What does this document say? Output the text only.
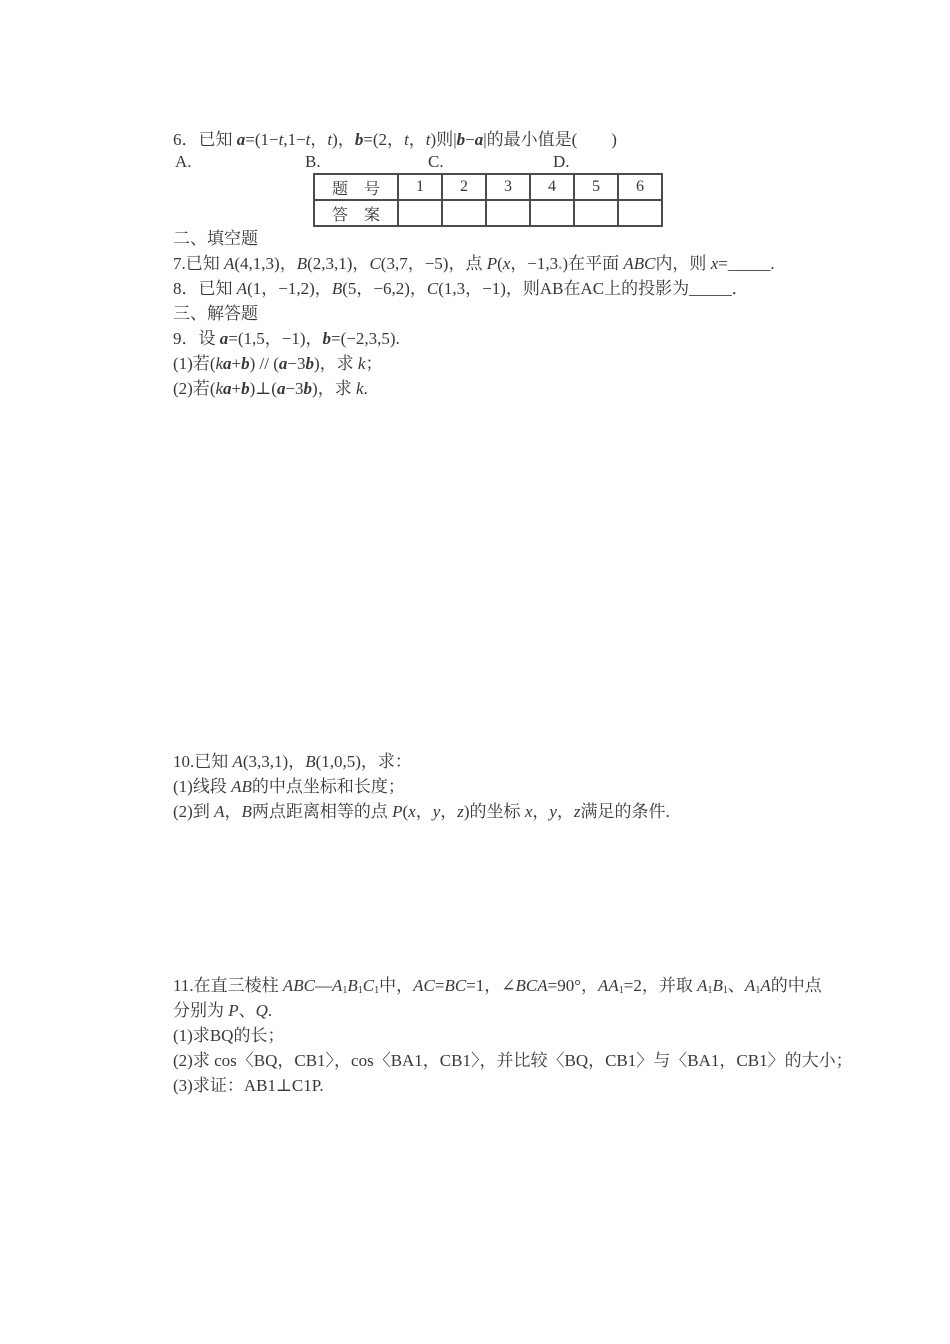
6．已知 a=(1−t,1−t，t)，b=(2，t，t)则|b−a|的最小值是(　　)
A.	B.	C.	D.
题　号	1	2	3	4	5	6
答　案						
二、填空题
7.已知 A(4,1,3)，B(2,3,1)，C(3,7，−5)，点 P(x，−1,3.)在平面 ABC内，则 x=_____.
8．已知 A(1，−1,2)，B(5，−6,2)，C(1,3，−1)，则AB在AC上的投影为_____．
三、解答题
9．设 a=(1,5，−1)，b=(−2,3,5).
(1)若(ka+b) // (a−3b)，求 k；
(2)若(ka+b)⊥(a−3b)，求 k.
10.已知 A(3,3,1)，B(1,0,5)，求：
(1)线段 AB的中点坐标和长度；
(2)到 A，B两点距离相等的点 P(x，y，z)的坐标 x，y，z满足的条件.
11.在直三棱柱 ABC—A1B1C1中，AC=BC=1，∠BCA=90°，AA1=2，并取 A1B1、A1A的中点
分别为 P、Q.
(1)求BQ的长；
(2)求 cos〈BQ，CB1〉，cos〈BA1，CB1〉，并比较〈BQ，CB1〉与〈BA1，CB1〉的大小；
(3)求证：AB1⊥C1P.
